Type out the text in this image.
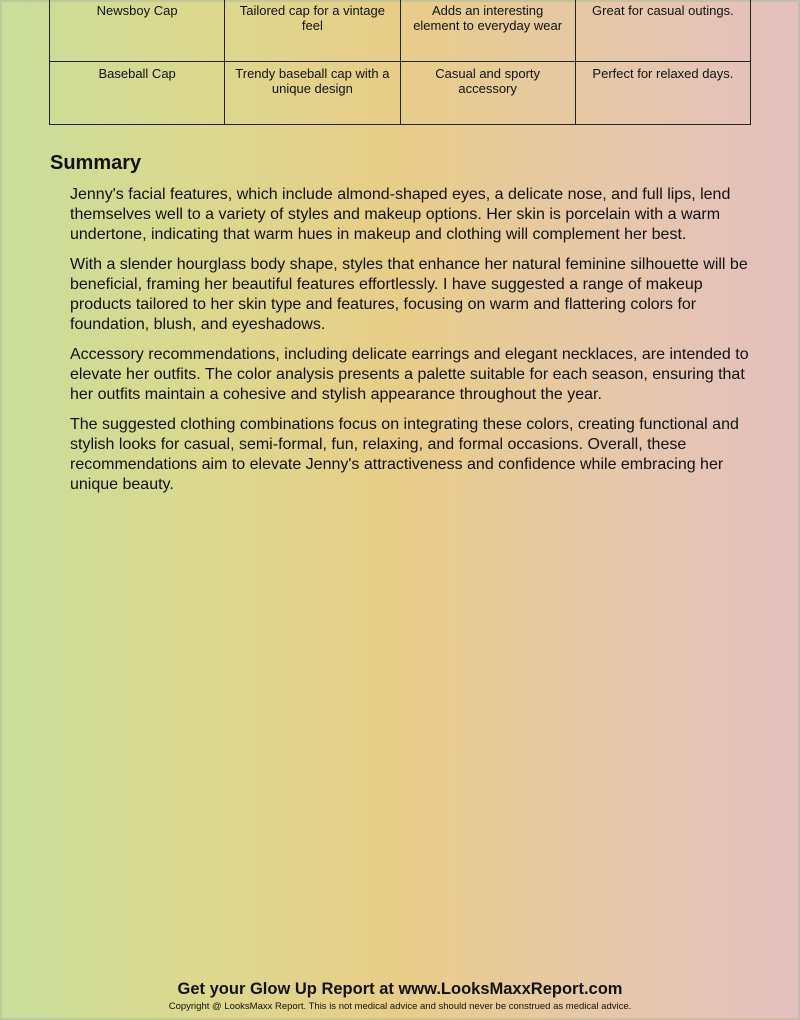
Newsboy Cap	Tailored cap for a vintage feel	Adds an interesting element to everyday wear	Great for casual outings.
Baseball Cap	Trendy baseball cap with a unique design	Casual and sporty accessory	Perfect for relaxed days.
Summary

Jenny's facial features, which include almond-shaped eyes, a delicate nose, and full lips, lend themselves well to a variety of styles and makeup options. Her skin is porcelain with a warm undertone, indicating that warm hues in makeup and clothing will complement her best.

With a slender hourglass body shape, styles that enhance her natural feminine silhouette will be beneficial, framing her beautiful features effortlessly. I have suggested a range of makeup products tailored to her skin type and features, focusing on warm and flattering colors for foundation, blush, and eyeshadows.

Accessory recommendations, including delicate earrings and elegant necklaces, are intended to elevate her outfits. The color analysis presents a palette suitable for each season, ensuring that her outfits maintain a cohesive and stylish appearance throughout the year.

The suggested clothing combinations focus on integrating these colors, creating functional and stylish looks for casual, semi-formal, fun, relaxing, and formal occasions. Overall, these recommendations aim to elevate Jenny's attractiveness and confidence while embracing her unique beauty.

Get your Glow Up Report at www.LooksMaxxReport.com
Copyright @ LooksMaxx Report. This is not medical advice and should never be construed as medical advice.
